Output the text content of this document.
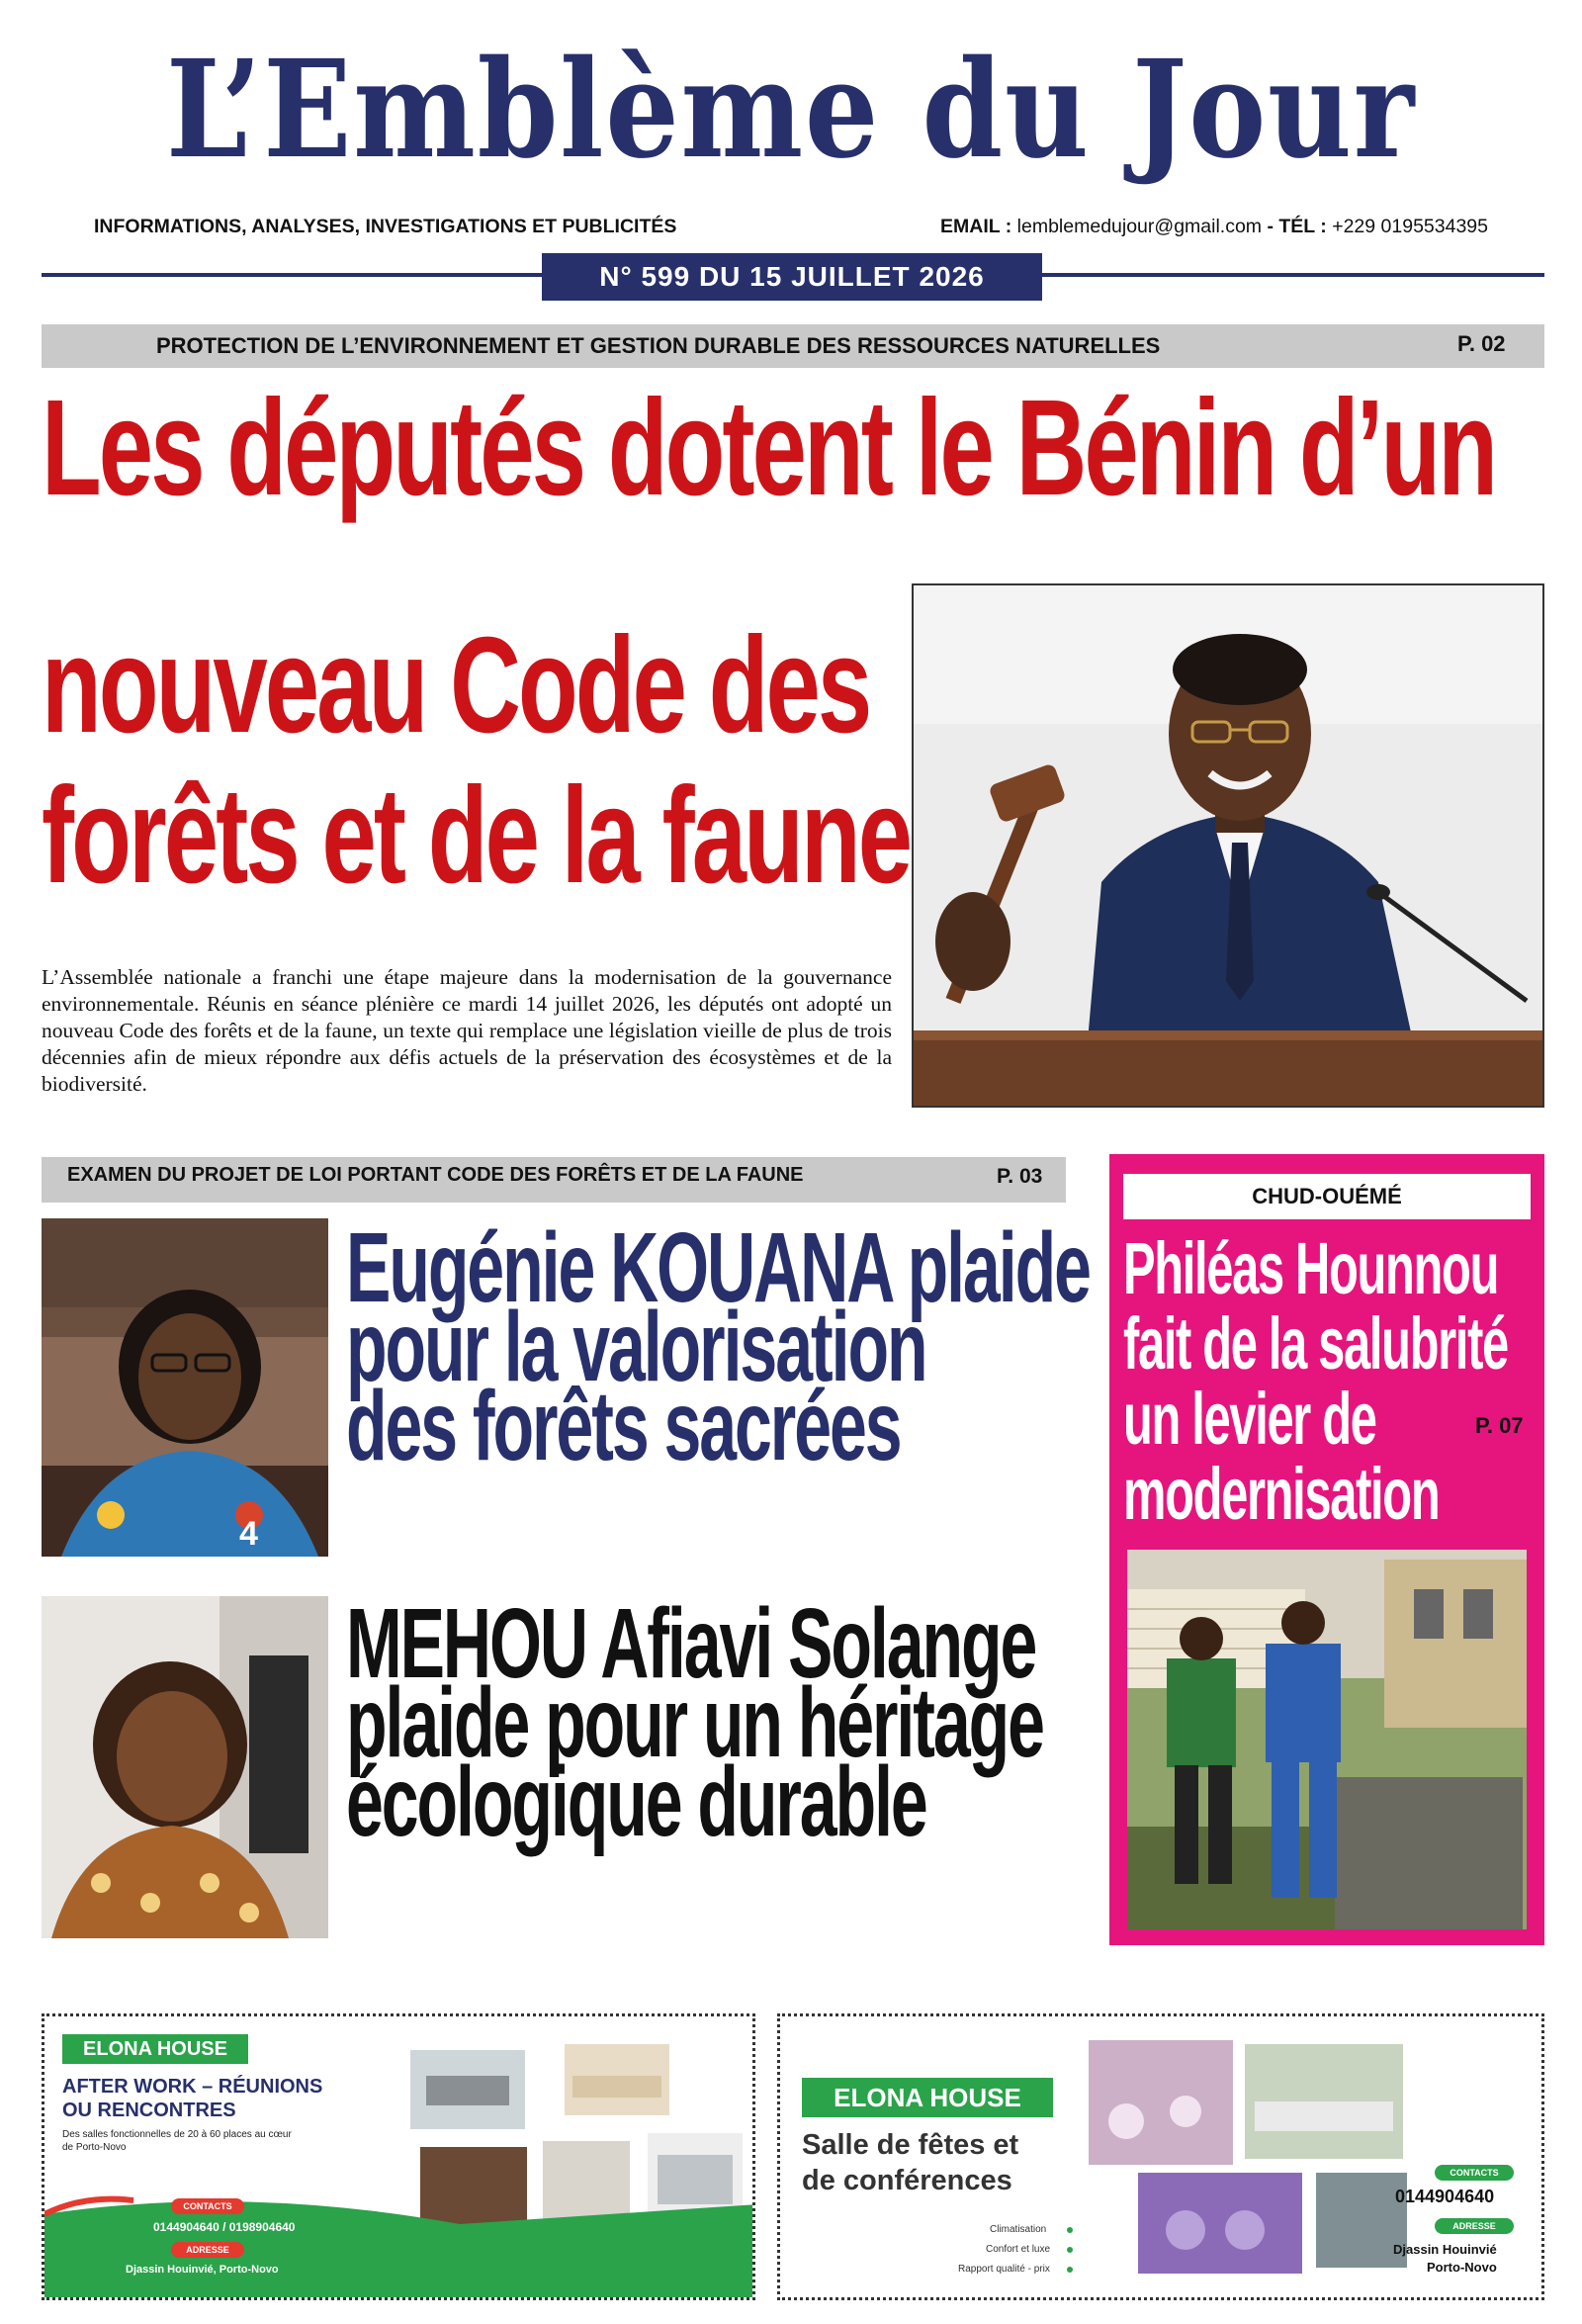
L’Emblème du Jour
INFORMATIONS, ANALYSES, INVESTIGATIONS ET PUBLICITÉS	EMAIL : lemblemedujour@gmail.com - TÉL : +229 0195534395
N° 599 DU 15 JUILLET 2026
PROTECTION DE L’ENVIRONNEMENT ET GESTION DURABLE DES RESSOURCES NATURELLES	P. 02
Les députés dotent le Bénin d’un
nouveau Code des
forêts et de la faune

L’Assemblée nationale a franchi une étape majeure dans la modernisation de la gouvernance environnementale. Réunis en séance plénière ce mardi 14 juillet 2026, les députés ont adopté un nouveau Code des forêts et de la faune, un texte qui remplace une législation vieille de plus de trois décennies afin de mieux répondre aux défis actuels de la préservation des écosystèmes et de la biodiversité.

EXAMEN DU PROJET DE LOI PORTANT CODE DES FORÊTS ET DE LA FAUNE	P. 03
4
Eugénie KOUANA plaide
pour la valorisation
des forêts sacrées
MEHOU Afiavi Solange
plaide pour un héritage
écologique durable
CHUD-OUÉMÉ
Philéas Hounnou
fait de la salubrité
un levier de
modernisation
P. 07
ELONA HOUSE
AFTER WORK – RÉUNIONS
OU RENCONTRES
Des salles fonctionnelles de 20 à 60 places au cœur
de Porto-Novo
CONTACTS
0144904640 / 0198904640
ADRESSE
Djassin Houinvié, Porto-Novo
ELONA HOUSE
Salle de fêtes et
de conférences
Climatisation
Confort et luxe
Rapport qualité - prix
CONTACTS
0144904640
ADRESSE
Djassin Houinvié
Porto-Novo
